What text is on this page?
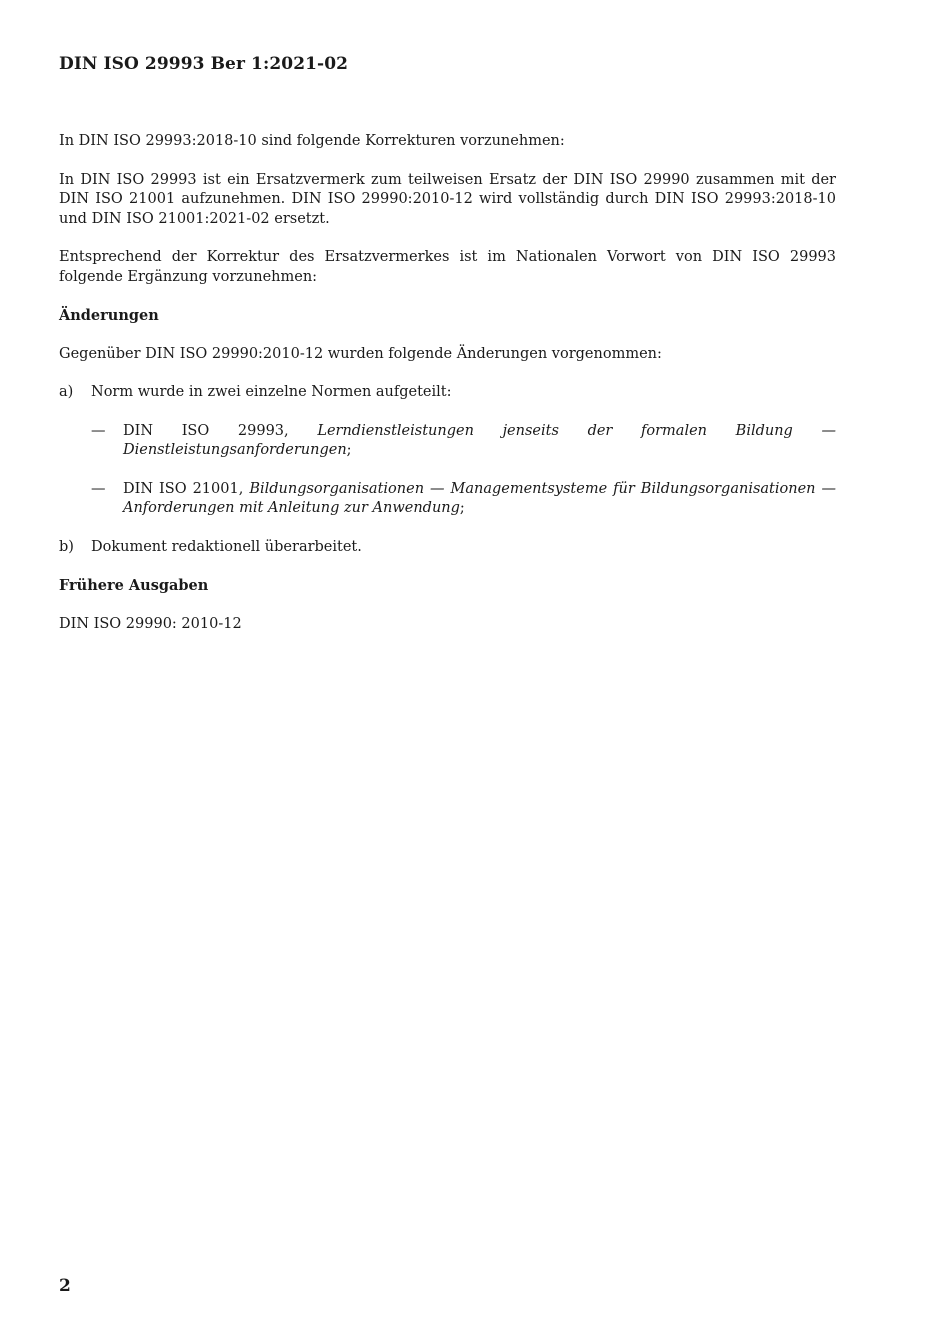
DIN ISO 29993 Ber 1:2021-02

In DIN ISO 29993:2018-10 sind folgende Korrekturen vorzunehmen:

In DIN ISO 29993 ist ein Ersatzvermerk zum teilweisen Ersatz der DIN ISO 29990 zusammen mit der DIN ISO 21001 aufzunehmen. DIN ISO 29990:2010-12 wird vollständig durch DIN ISO 29993:2018-10 und DIN ISO 21001:2021-02 ersetzt.

Entsprechend der Korrektur des Ersatzvermerkes ist im Nationalen Vorwort von DIN ISO 29993 folgende Ergänzung vorzunehmen:

Änderungen

Gegenüber DIN ISO 29990:2010-12 wurden folgende Änderungen vorgenommen:

a)	Norm wurde in zwei einzelne Normen aufgeteilt:
—	DIN ISO 29993, Lerndienstleistungen jenseits der formalen Bildung — Dienstleistungsanforderungen;
—	DIN ISO 21001, Bildungsorganisationen — Managementsysteme für Bildungsorganisationen — Anforderungen mit Anleitung zur Anwendung;
b)	Dokument redaktionell überarbeitet.
Frühere Ausgaben

DIN ISO 29990: 2010-12

2
